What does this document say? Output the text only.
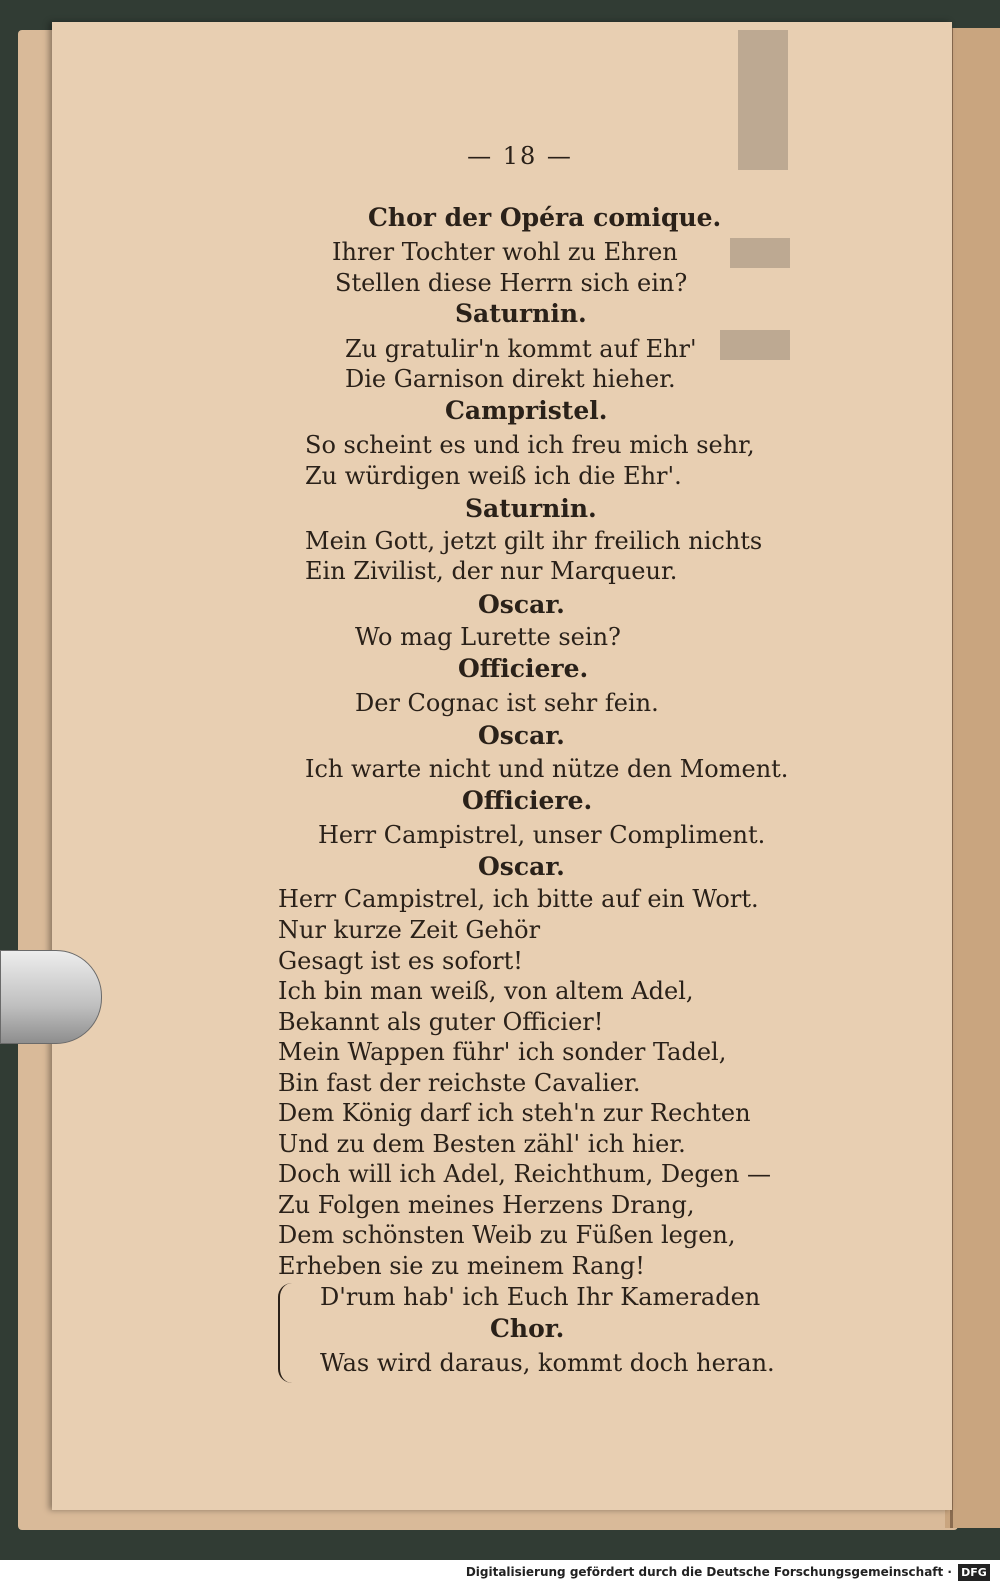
— 18 —
Chor der Opéra comique.
Ihrer Tochter wohl zu Ehren
Stellen diese Herrn sich ein?
Saturnin.
Zu gratulir'n kommt auf Ehr'
Die Garnison direkt hieher.
Campristel.
So scheint es und ich freu mich sehr,
Zu würdigen weiß ich die Ehr'.
Saturnin.
Mein Gott, jetzt gilt ihr freilich nichts
Ein Zivilist, der nur Marqueur.
Oscar.
Wo mag Lurette sein?
Officiere.
Der Cognac ist sehr fein.
Oscar.
Ich warte nicht und nütze den Moment.
Officiere.
Herr Campistrel, unser Compliment.
Oscar.
Herr Campistrel, ich bitte auf ein Wort.
Nur kurze Zeit Gehör
Gesagt ist es sofort!
Ich bin man weiß, von altem Adel,
Bekannt als guter Officier!
Mein Wappen führ' ich sonder Tadel,
Bin fast der reichste Cavalier.
Dem König darf ich steh'n zur Rechten
Und zu dem Besten zähl' ich hier.
Doch will ich Adel, Reichthum, Degen —
Zu Folgen meines Herzens Drang,
Dem schönsten Weib zu Füßen legen,
Erheben sie zu meinem Rang!
D'rum hab' ich Euch Ihr Kameraden
Chor.
Was wird daraus, kommt doch heran.
Digitalisierung gefördert durch die Deutsche Forschungsgemeinschaft · DFG
